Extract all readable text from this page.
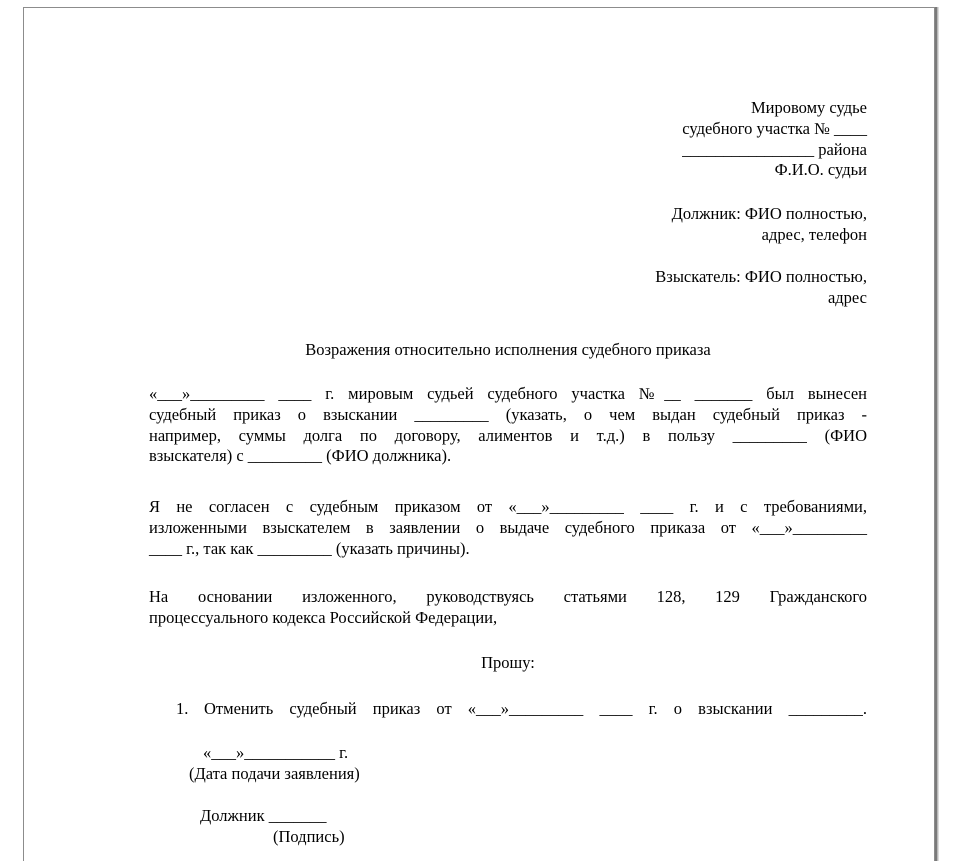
Мировому судье
судебного участка № ____
________________ района
Ф.И.О. судьи
Должник: ФИО полностью,
адрес, телефон
Взыскатель: ФИО полностью,
адрес
Возражения относительно исполнения судебного приказа
«___»_________ ____ г. мировым судьей судебного участка №__ _______ был вынесен
судебный приказ о взыскании _________ (указать, о чем выдан судебный приказ -
например, суммы долга по договору, алиментов и т.д.) в пользу _________ (ФИО
взыскателя) с _________ (ФИО должника).
Я не согласен с судебным приказом от «___»_________ ____ г. и с требованиями,
изложенными взыскателем в заявлении о выдаче судебного приказа от «___»_________
____ г., так как _________ (указать причины).
На основании изложенного, руководствуясь статьями 128, 129 Гражданского
процессуального кодекса Российской Федерации,
Прошу:
1. Отменить судебный приказ от «___»_________ ____ г. о взыскании _________.
«___»___________ г.
(Дата подачи заявления)
Должник _______
(Подпись)
